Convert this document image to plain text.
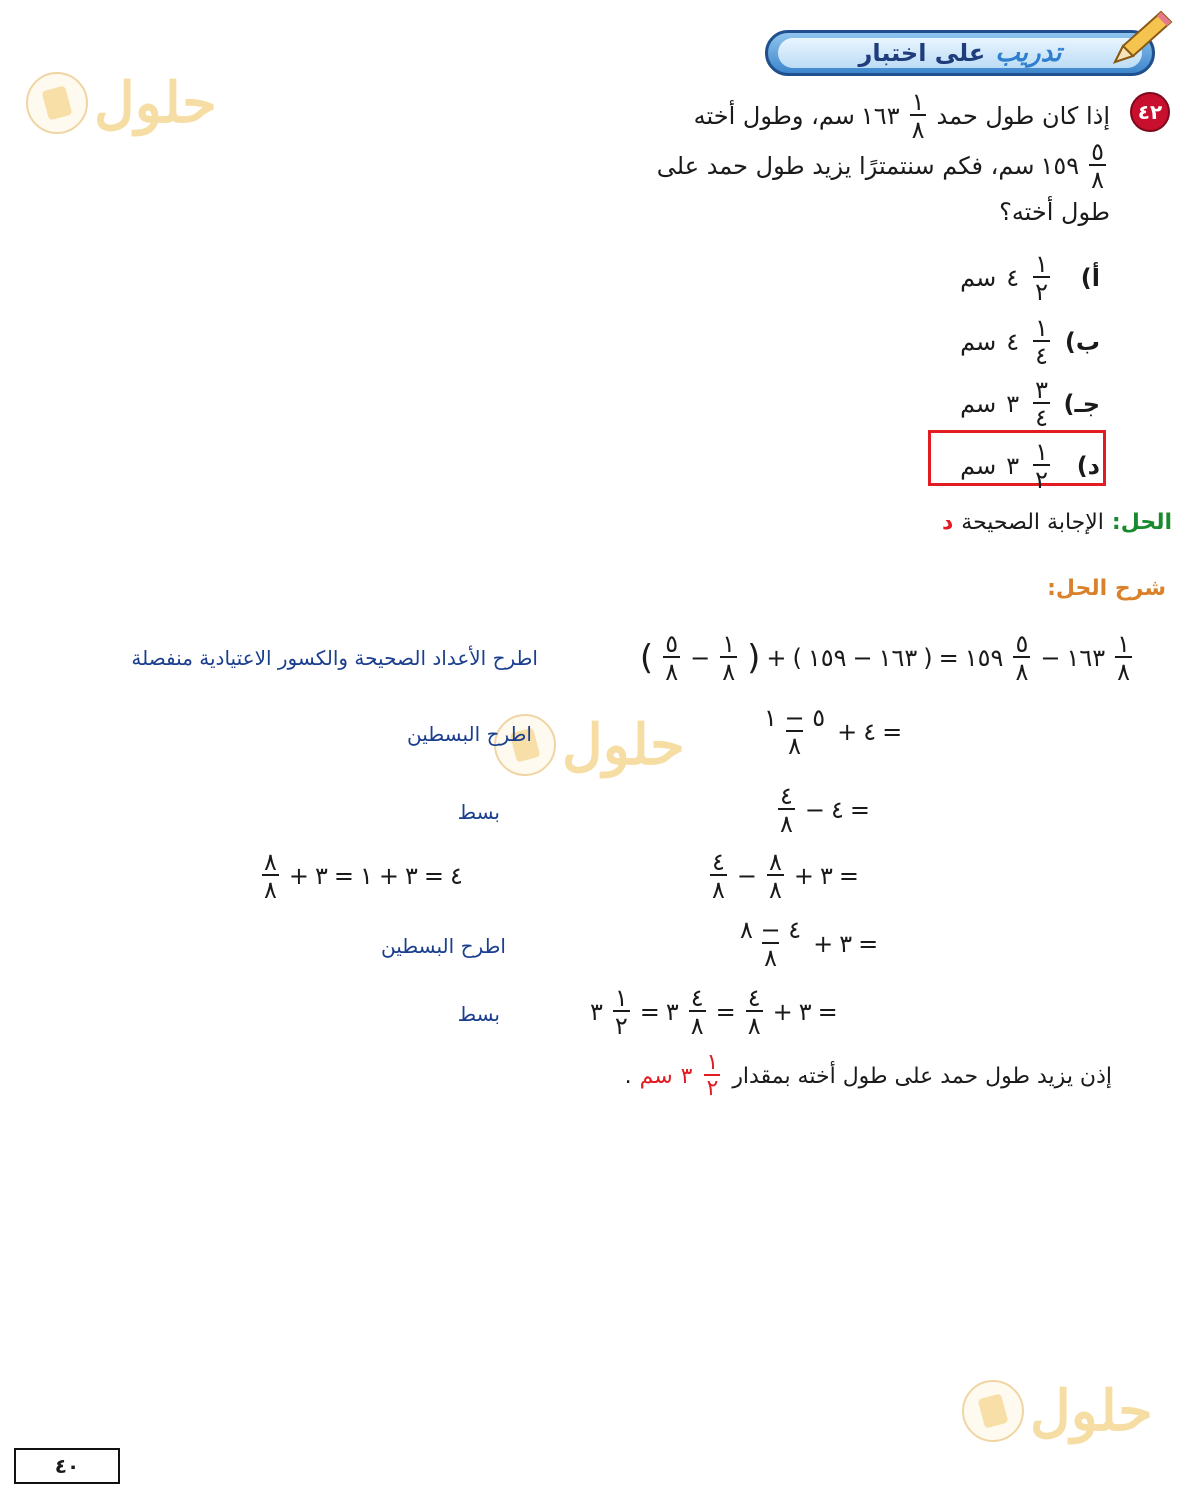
تدريب
على اختبار
حلول
حلول
حلول
٤٢
إذا كان طول حمد
$\frac{١}{٨}$
١٦٣
سم، وطول أخته
$\frac{٥}{٨}$
١٥٩
سم، فكم سنتمترًا يزيد طول حمد على
طول أخته؟
أ)
$\frac{١}{٢}$
٤
سم
ب)
$\frac{١}{٤}$
٤
سم
جـ)
$\frac{٣}{٤}$
٣
سم
د)
$\frac{١}{٢}$
٣
سم
الحل:
الإجابة الصحيحة
د
شرح الحل:
( $\frac{٥}{٨} - \frac{١}{٨}$ ) + ( ١٥٩ − ١٦٣ ) = ١٥٩ $\frac{٥}{٨}$ − ١٦٣ $\frac{١}{٨}$
اطرح الأعداد الصحيحة والكسور الاعتيادية منفصلة
$\frac{٥ - ١}{٨}$ + ٤ =
اطرح البسطين
$\frac{٤}{٨}$ − ٤ =
بسط
$\frac{٤}{٨} - \frac{٨}{٨}$ + ٣ =
$\frac{٨}{٨}$ + ٣ = ١ + ٣ = ٤
$\frac{٤ - ٨}{٨}$ + ٣ =
اطرح البسطين
٣ $\frac{١}{٢}$ = ٣ $\frac{٤}{٨} = \frac{٤}{٨}$ + ٣ =
بسط
إذن يزيد طول حمد على طول أخته بمقدار
$\frac{١}{٢}$
٣
سم
.
٤٠
